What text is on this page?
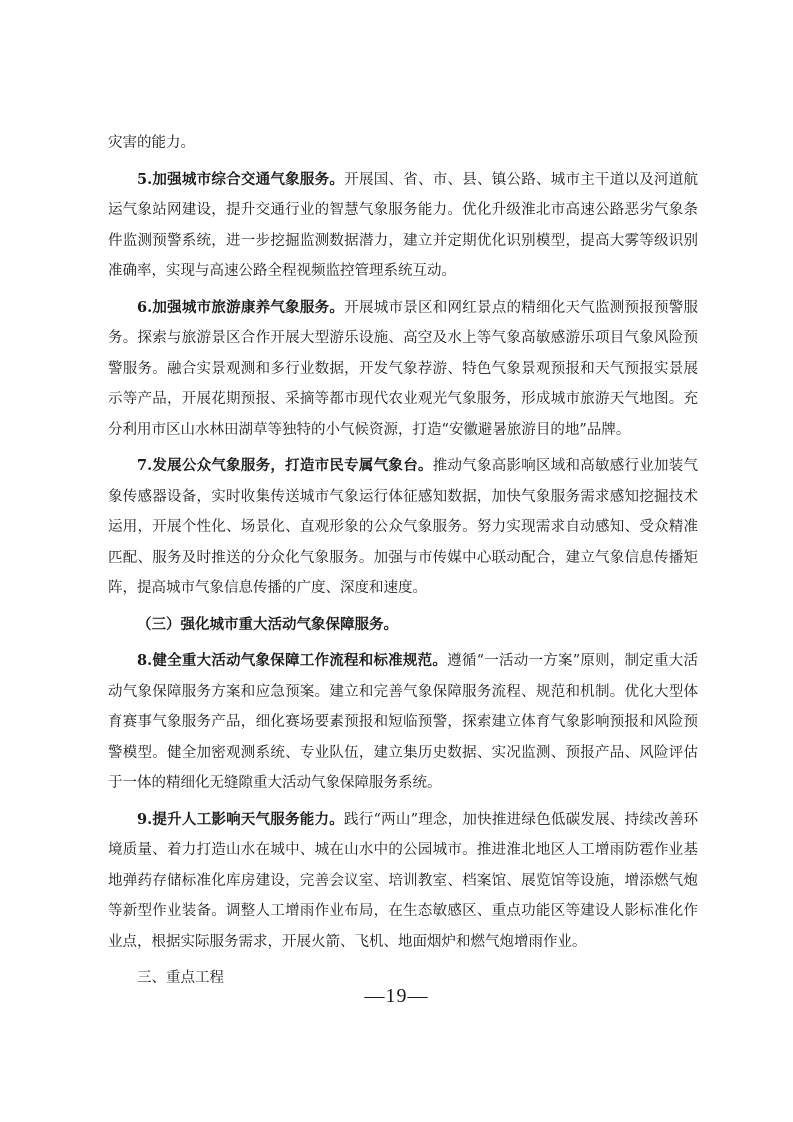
灾害的能力。

5.加强城市综合交通气象服务。开展国、省、市、县、镇公路、城市主干道以及河道航运气象站网建设，提升交通行业的智慧气象服务能力。优化升级淮北市高速公路恶劣气象条件监测预警系统，进一步挖掘监测数据潜力，建立并定期优化识别模型，提高大雾等级识别准确率，实现与高速公路全程视频监控管理系统互动。

6.加强城市旅游康养气象服务。开展城市景区和网红景点的精细化天气监测预报预警服务。探索与旅游景区合作开展大型游乐设施、高空及水上等气象高敏感游乐项目气象风险预警服务。融合实景观测和多行业数据，开发气象荐游、特色气象景观预报和天气预报实景展示等产品，开展花期预报、采摘等都市现代农业观光气象服务，形成城市旅游天气地图。充分利用市区山水林田湖草等独特的小气候资源，打造“安徽避暑旅游目的地”品牌。

7.发展公众气象服务，打造市民专属气象台。推动气象高影响区域和高敏感行业加装气象传感器设备，实时收集传送城市气象运行体征感知数据，加快气象服务需求感知挖掘技术运用，开展个性化、场景化、直观形象的公众气象服务。努力实现需求自动感知、受众精准匹配、服务及时推送的分众化气象服务。加强与市传媒中心联动配合，建立气象信息传播矩阵，提高城市气象信息传播的广度、深度和速度。

（三）强化城市重大活动气象保障服务。

8.健全重大活动气象保障工作流程和标准规范。遵循“一活动一方案”原则，制定重大活动气象保障服务方案和应急预案。建立和完善气象保障服务流程、规范和机制。优化大型体育赛事气象服务产品，细化赛场要素预报和短临预警，探索建立体育气象影响预报和风险预警模型。健全加密观测系统、专业队伍，建立集历史数据、实况监测、预报产品、风险评估于一体的精细化无缝隙重大活动气象保障服务系统。

9.提升人工影响天气服务能力。践行“两山”理念，加快推进绿色低碳发展、持续改善环境质量、着力打造山水在城中、城在山水中的公园城市。推进淮北地区人工增雨防雹作业基地弹药存储标准化库房建设，完善会议室、培训教室、档案馆、展览馆等设施，增添燃气炮等新型作业装备。调整人工增雨作业布局，在生态敏感区、重点功能区等建设人影标准化作业点，根据实际服务需求，开展火箭、飞机、地面烟炉和燃气炮增雨作业。

三、重点工程

—19—
